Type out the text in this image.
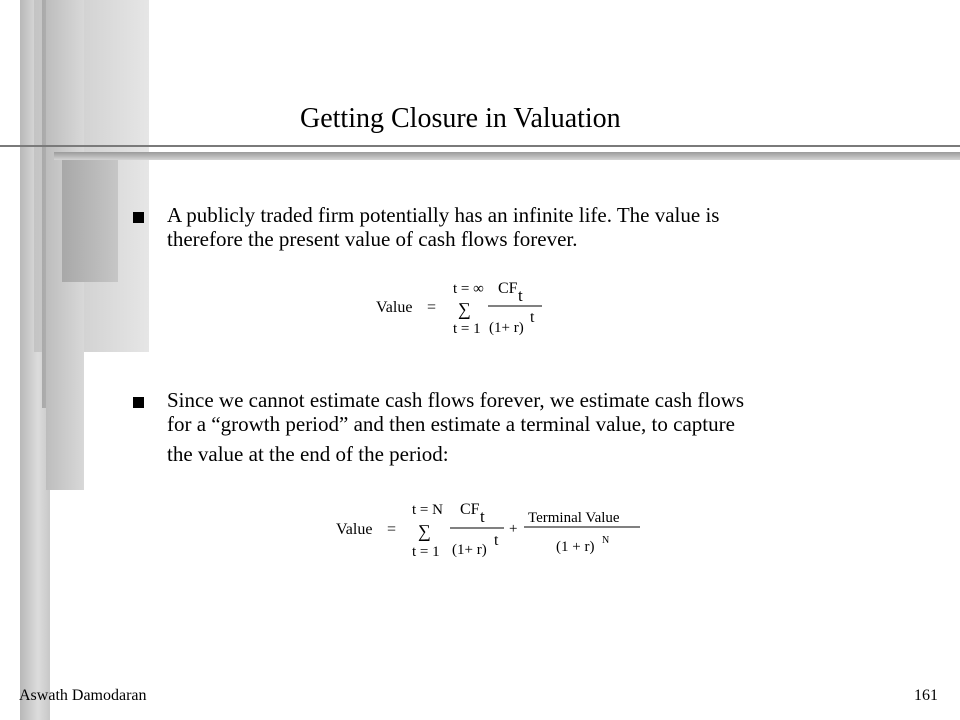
Getting Closure in Valuation
A publicly traded firm potentially has an infinite life. The value is
therefore the present value of cash flows forever.
Value =
t = ∞
∑
t = 1
CF t
(1+ r)
t
Since we cannot estimate cash flows forever, we estimate cash flows
for a “growth period” and then estimate a terminal value, to capture
the value at the end of the period:
Value =
t = N
∑
t = 1
CF t
(1+ r)
t
+
Terminal Value
(1 + r) N
Aswath Damodaran	161
